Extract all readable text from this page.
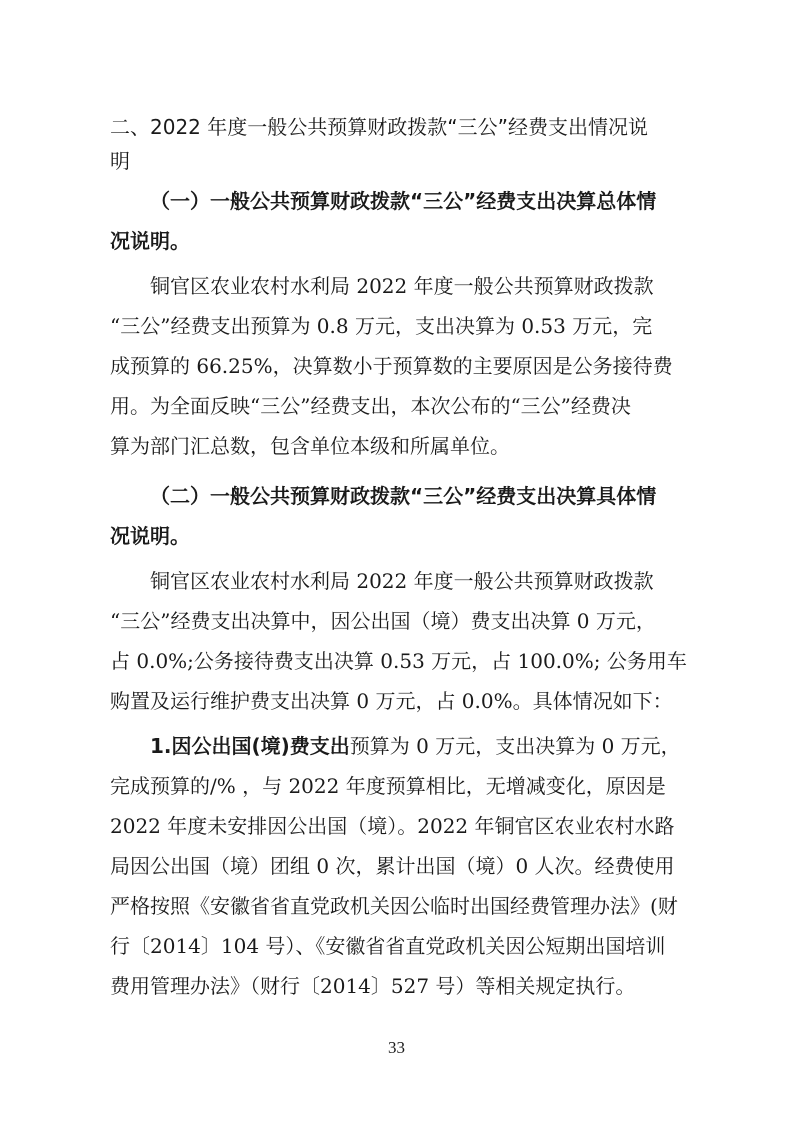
二、2022 年度一般公共预算财政拨款“三公”经费支出情况说
明
（一）一般公共预算财政拨款“三公”经费支出决算总体情
况说明。
铜官区农业农村水利局 2022 年度一般公共预算财政拨款
“三公”经费支出预算为 0.8 万元，支出决算为 0.53 万元，完
成预算的 66.25%，决算数小于预算数的主要原因是公务接待费
用。为全面反映“三公”经费支出，本次公布的“三公”经费决
算为部门汇总数，包含单位本级和所属单位。
（二）一般公共预算财政拨款“三公”经费支出决算具体情
况说明。
铜官区农业农村水利局 2022 年度一般公共预算财政拨款
“三公”经费支出决算中，因公出国（境）费支出决算 0 万元，
占 0.0%;公务接待费支出决算 0.53 万元，占 100.0%; 公务用车
购置及运行维护费支出决算 0 万元，占 0.0%。具体情况如下：
1.因公出国(境)费支出预算为 0 万元，支出决算为 0 万元，
完成预算的/% ，与 2022 年度预算相比，无增减变化，原因是
2022 年度未安排因公出国（境）。2022 年铜官区农业农村水路
局因公出国（境）团组 0 次，累计出国（境）0 人次。经费使用
严格按照《安徽省省直党政机关因公临时出国经费管理办法》(财
行〔2014〕104 号）、《安徽省省直党政机关因公短期出国培训
费用管理办法》（财行〔2014〕527 号）等相关规定执行。
33
